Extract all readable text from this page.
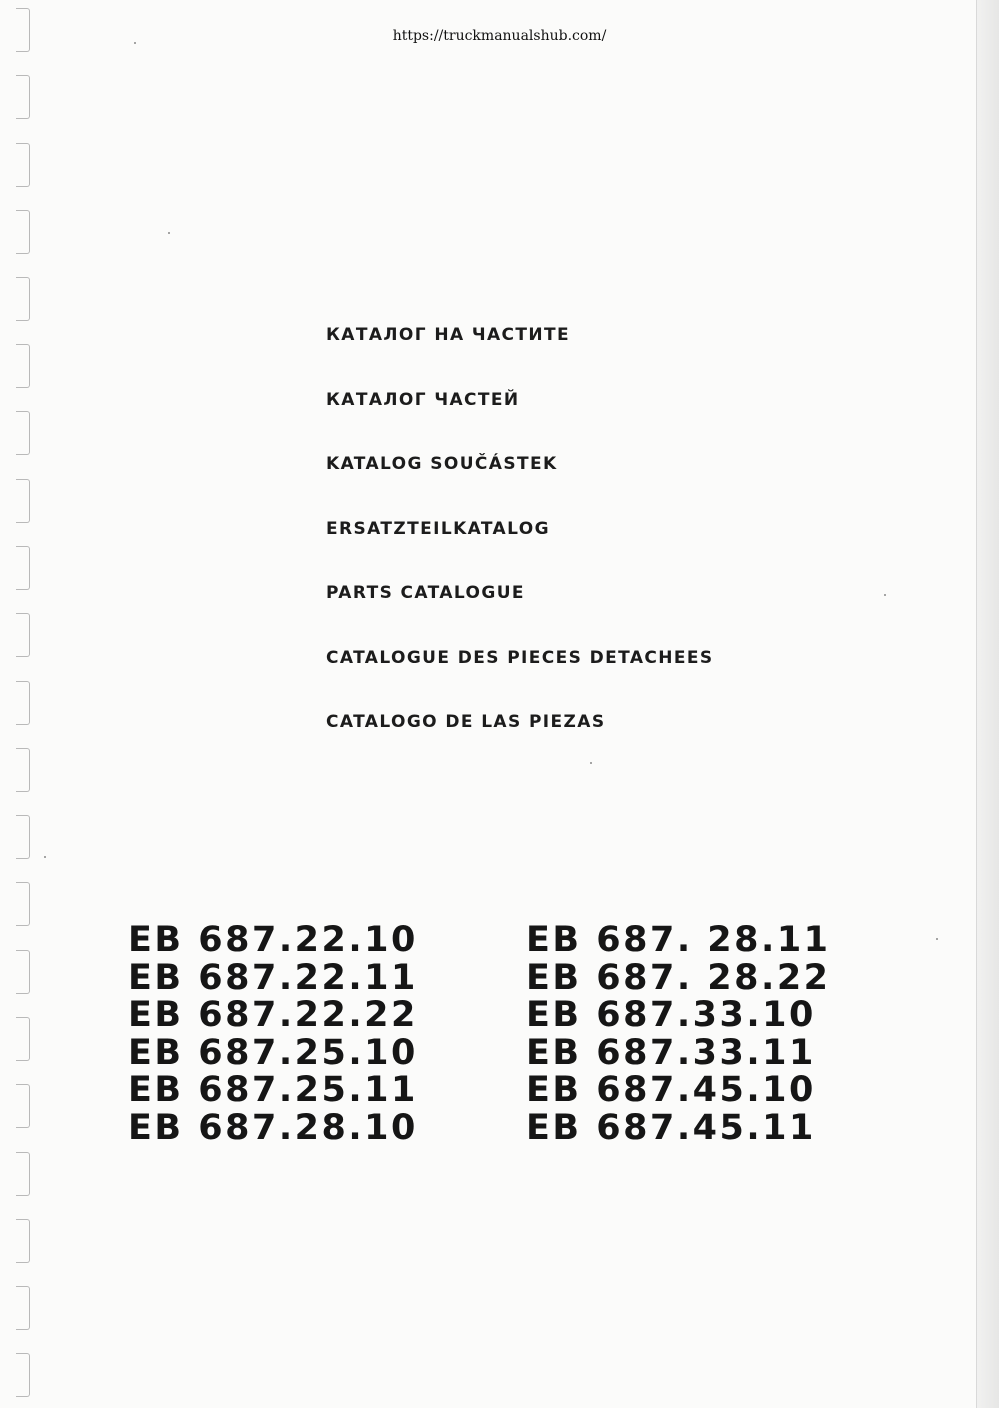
https://truckmanualshub.com/
КАТАЛОГ НА ЧАСТИТЕ
КАТАЛОГ ЧАСТЕЙ
KATALOG SOUČÁSTEK
ERSATZTEILKATALOG
PARTS CATALOGUE
CATALOGUE DES PIECES DETACHEES
CATALOGO DE LAS PIEZAS
EB 687.22.10	EB 687. 28.11
EB 687.22.11	EB 687. 28.22
EB 687.22.22	EB 687.33.10
EB 687.25.10	EB 687.33.11
EB 687.25.11	EB 687.45.10
EB 687.28.10	EB 687.45.11
